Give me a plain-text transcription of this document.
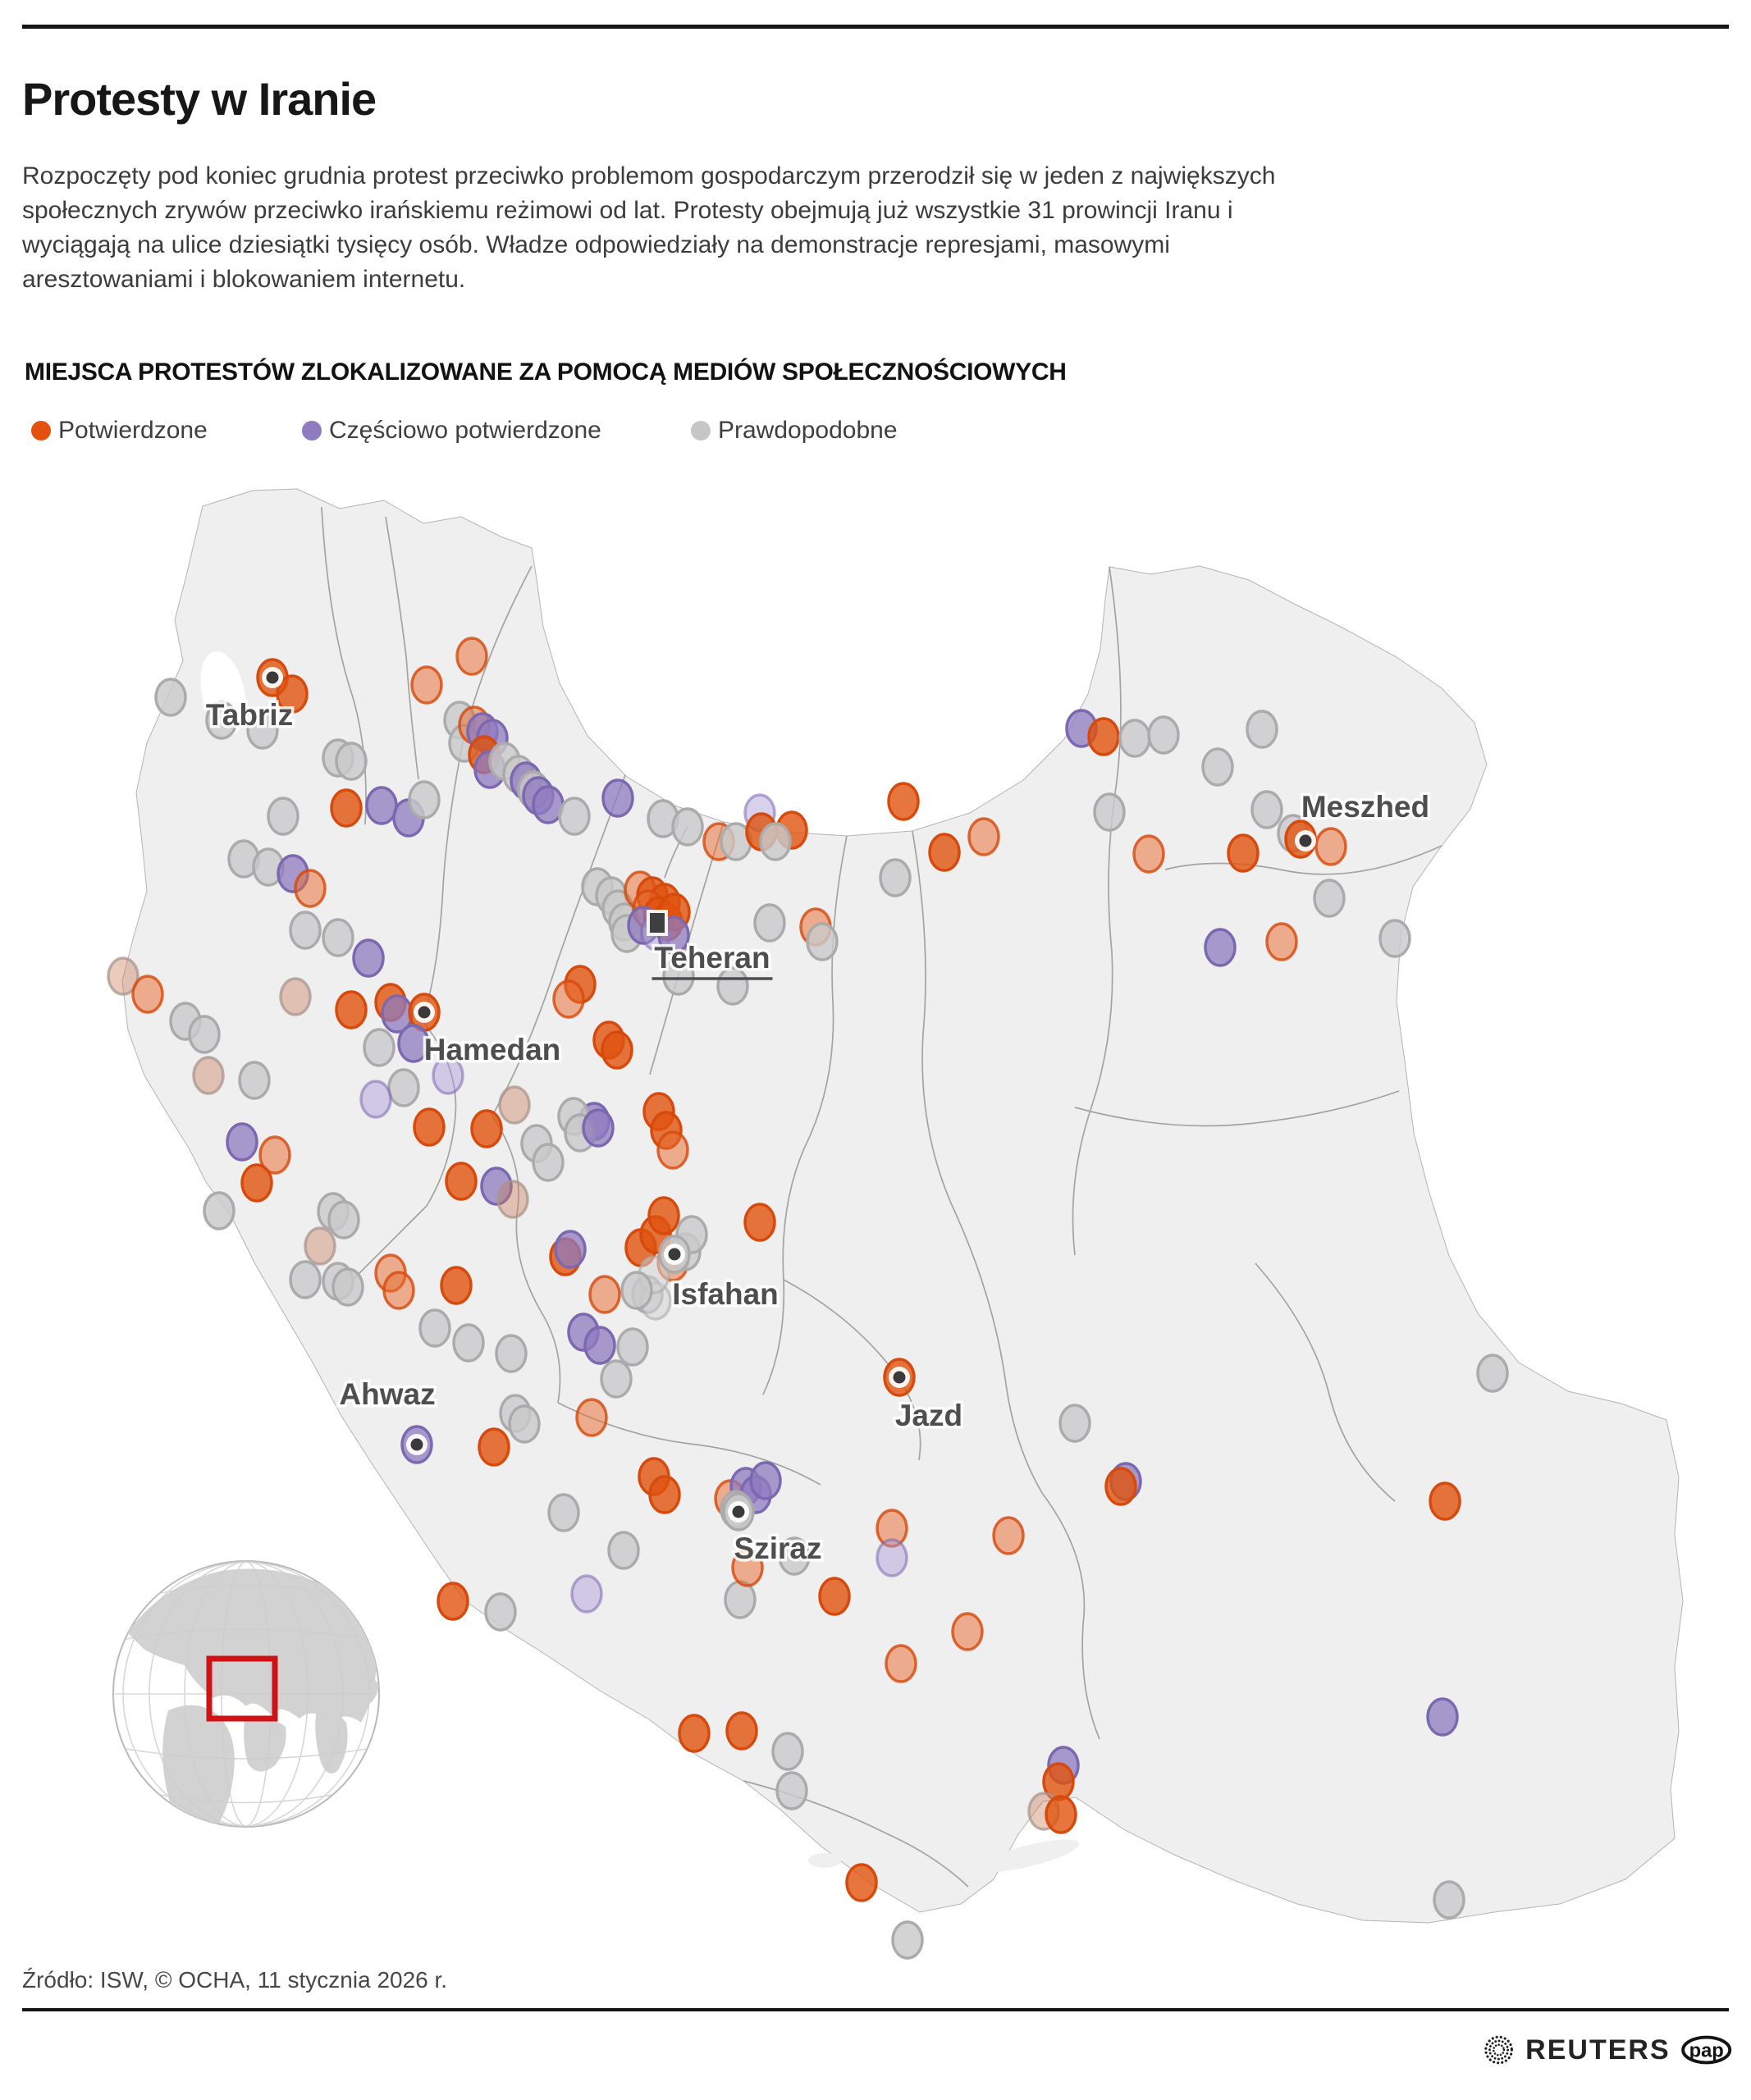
Protesty w Iranie

Rozpoczęty pod koniec grudnia protest przeciwko problemom gospodarczym przerodził się w jeden z największych społecznych zrywów przeciwko irańskiemu reżimowi od lat. Protesty obejmują już wszystkie 31 prowincji Iranu i wyciągają na ulice dziesiątki tysięcy osób. Władze odpowiedziały na demonstracje represjami, masowymi aresztowaniami i blokowaniem internetu.

MIEJSCA PROTESTÓW ZLOKALIZOWANE ZA POMOCĄ MEDIÓW SPOŁECZNOŚCIOWYCH
Potwierdzone	Częściowo potwierdzone	Prawdopodobne
Tabriz
Teheran
Meszhed
Hamedan
Isfahan
Jazd
Ahwaz
Sziraz
Źródło: ISW, © OCHA, 11 stycznia 2026 r.
REUTERS pap
